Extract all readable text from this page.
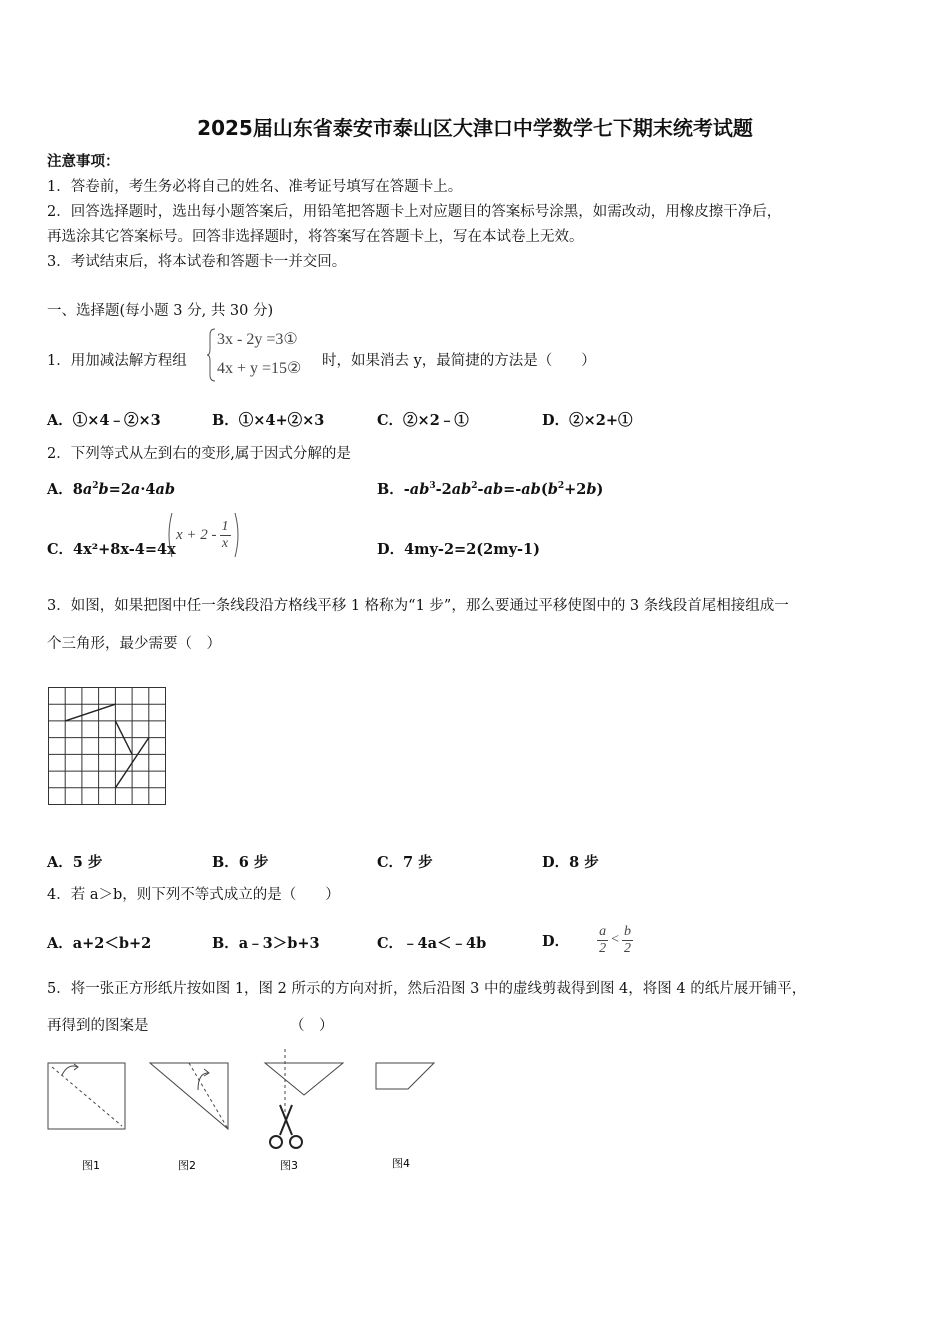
2025届山东省泰安市泰山区大津口中学数学七下期末统考试题
注意事项：
1．答卷前，考生务必将自己的姓名、准考证号填写在答题卡上。
2．回答选择题时，选出每小题答案后，用铅笔把答题卡上对应题目的答案标号涂黑，如需改动，用橡皮擦干净后，
再选涂其它答案标号。回答非选择题时，将答案写在答题卡上，写在本试卷上无效。
3．考试结束后，将本试卷和答题卡一并交回。
一、选择题(每小题 3 分, 共 30 分)
1．用加减法解方程组
3x - 2y =3①
4x + y =15② 时，如果消去 y，最简捷的方法是（　　）
A．①×4﹣②×3	B．①×4+②×3	C．②×2﹣①	D．②×2+①
2．下列等式从左到右的变形,属于因式分解的是
A．$8a^2b=2a\cdot 4ab$	B．$-ab^3-2ab^2-ab=-ab(b^2+2b)$
C．4x²+8x-4=4x
$x + 2 - \frac{1}{x}$	D．4my-2=2(2my-1)
3．如图，如果把图中任一条线段沿方格线平移 1 格称为“1 步”，那么要通过平移使图中的 3 条线段首尾相接组成一
个三角形，最少需要（　）
A．5 步	B．6 步	C．7 步	D．8 步
4．若 a＞b，则下列不等式成立的是（　　）
A．a+2＜b+2	B．a﹣3＞b+3	C．﹣4a＜﹣4b	D． $\frac{a}{2} < \frac{b}{2}$
5．将一张正方形纸片按如图 1，图 2 所示的方向对折，然后沿图 3 中的虚线剪裁得到图 4，将图 4 的纸片展开铺平，
再得到的图案是	（　）
图1	图2	图3	图4
